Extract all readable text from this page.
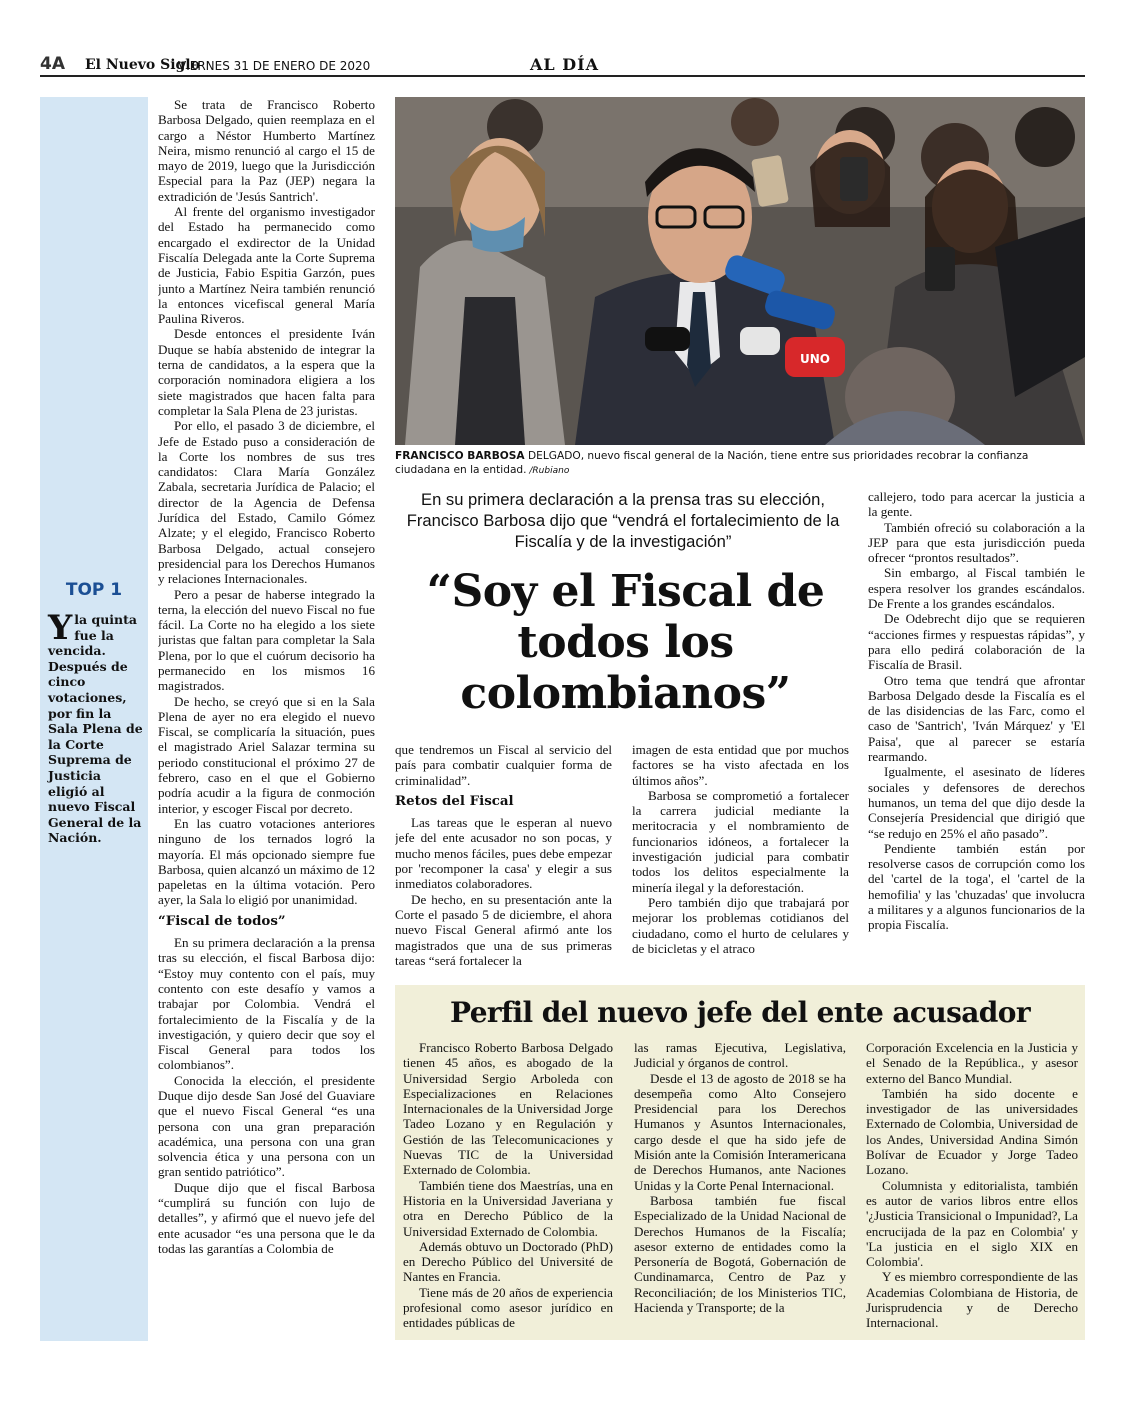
4A El Nuevo Siglo
VIERNES 31 DE ENERO DE 2020	AL DÍA
TOP 1
Yla quinta fue la vencida. Después de cinco votaciones, por fin la Sala Plena de la Corte Suprema de Justicia eligió al nuevo Fiscal General de la Nación.

Se trata de Francisco Roberto Barbosa Delgado, quien reemplaza en el cargo a Néstor Humberto Martínez Neira, mismo renunció al cargo el 15 de mayo de 2019, luego que la Jurisdicción Especial para la Paz (JEP) negara la extradición de 'Jesús Santrich'.

Al frente del organismo investigador del Estado ha permanecido como encargado el exdirector de la Unidad Fiscalía Delegada ante la Corte Suprema de Justicia, Fabio Espitia Garzón, pues junto a Martínez Neira también renunció la entonces vicefiscal general María Paulina Riveros.

Desde entonces el presidente Iván Duque se había abstenido de integrar la terna de candidatos, a la espera que la corporación nominadora eligiera a los siete magistrados que hacen falta para completar la Sala Plena de 23 juristas.

Por ello, el pasado 3 de diciembre, el Jefe de Estado puso a consideración de la Corte los nombres de sus tres candidatos: Clara María González Zabala, secretaria Jurídica de Palacio; el director de la Agencia de Defensa Jurídica del Estado, Camilo Gómez Alzate; y el elegido, Francisco Roberto Barbosa Delgado, actual consejero presidencial para los Derechos Humanos y relaciones Internacionales.

Pero a pesar de haberse integrado la terna, la elección del nuevo Fiscal no fue fácil. La Corte no ha elegido a los siete juristas que faltan para completar la Sala Plena, por lo que el cuórum decisorio ha permanecido en los mismos 16 magistrados.

De hecho, se creyó que si en la Sala Plena de ayer no era elegido el nuevo Fiscal, se complicaría la situación, pues el magistrado Ariel Salazar termina su periodo constitucional el próximo 27 de febrero, caso en el que el Gobierno podría acudir a la figura de conmoción interior, y escoger Fiscal por decreto.

En las cuatro votaciones anteriores ninguno de los ternados logró la mayoría. El más opcionado siempre fue Barbosa, quien alcanzó un máximo de 12 papeletas en la última votación. Pero ayer, la Sala lo eligió por unanimidad.

“Fiscal de todos”

En su primera declaración a la prensa tras su elección, el fiscal Barbosa dijo: “Estoy muy contento con el país, muy contento con este desafío y vamos a trabajar por Colombia. Vendrá el fortalecimiento de la Fiscalía y de la investigación, y quiero decir que soy el Fiscal General para todos los colombianos”.

Conocida la elección, el presidente Duque dijo desde San José del Guaviare que el nuevo Fiscal General “es una persona con una gran preparación académica, una persona con una gran solvencia ética y una persona con un gran sentido patriótico”.

Duque dijo que el fiscal Barbosa “cumplirá su función con lujo de detalles”, y afirmó que el nuevo jefe del ente acusador “es una persona que le da todas las garantías a Colombia de

UNO
FRANCISCO BARBOSA DELGADO, nuevo fiscal general de la Nación, tiene entre sus prioridades recobrar la confianza ciudadana en la entidad. /Rubiano
En su primera declaración a la prensa tras su elección, Francisco Barbosa dijo que “vendrá el fortalecimiento de la Fiscalía y de la investigación”
“Soy el Fiscal de todos los colombianos”

que tendremos un Fiscal al servicio del país para combatir cualquier forma de criminalidad”.

Retos del Fiscal

Las tareas que le esperan al nuevo jefe del ente acusador no son pocas, y mucho menos fáciles, pues debe empezar por 'recomponer la casa' y elegir a sus inmediatos colaboradores.

De hecho, en su presentación ante la Corte el pasado 5 de diciembre, el ahora nuevo Fiscal General afirmó ante los magistrados que una de sus primeras tareas “será fortalecer la

imagen de esta entidad que por muchos factores se ha visto afectada en los últimos años”.

Barbosa se comprometió a fortalecer la carrera judicial mediante la meritocracia y el nombramiento de funcionarios idóneos, a fortalecer la investigación judicial para combatir todos los delitos especialmente la minería ilegal y la deforestación.

Pero también dijo que trabajará por mejorar los problemas cotidianos del ciudadano, como el hurto de celulares y de bicicletas y el atraco

callejero, todo para acercar la justicia a la gente.

También ofreció su colaboración a la JEP para que esta jurisdicción pueda ofrecer “prontos resultados”.

Sin embargo, al Fiscal también le espera resolver los grandes escándalos. De Frente a los grandes escándalos.

De Odebrecht dijo que se requieren “acciones firmes y respuestas rápidas”, y para ello pedirá colaboración de la Fiscalía de Brasil.

Otro tema que tendrá que afrontar Barbosa Delgado desde la Fiscalía es el de las disidencias de las Farc, como el caso de 'Santrich', 'Iván Márquez' y 'El Paisa', que al parecer se estaría rearmando.

Igualmente, el asesinato de líderes sociales y defensores de derechos humanos, un tema del que dijo desde la Consejería Presidencial que dirigió que “se redujo en 25% el año pasado”.

Pendiente también están por resolverse casos de corrupción como los del 'cartel de la toga', el 'cartel de la hemofilia' y las 'chuzadas' que involucra a militares y a algunos funcionarios de la propia Fiscalía.

Perfil del nuevo jefe del ente acusador

Francisco Roberto Barbosa Delgado tienen 45 años, es abogado de la Universidad Sergio Arboleda con Especializaciones en Relaciones Internacionales de la Universidad Jorge Tadeo Lozano y en Regulación y Gestión de las Telecomunicaciones y Nuevas TIC de la Universidad Externado de Colombia.

También tiene dos Maestrías, una en Historia en la Universidad Javeriana y otra en Derecho Público de la Universidad Externado de Colombia.

Además obtuvo un Doctorado (PhD) en Derecho Público del Université de Nantes en Francia.

Tiene más de 20 años de experiencia profesional como asesor jurídico en entidades públicas de

las ramas Ejecutiva, Legislativa, Judicial y órganos de control.

Desde el 13 de agosto de 2018 se ha desempeña como Alto Consejero Presidencial para los Derechos Humanos y Asuntos Internacionales, cargo desde el que ha sido jefe de Misión ante la Comisión Interamericana de Derechos Humanos, ante Naciones Unidas y la Corte Penal Internacional.

Barbosa también fue fiscal Especializado de la Unidad Nacional de Derechos Humanos de la Fiscalía; asesor externo de entidades como la Personería de Bogotá, Gobernación de Cundinamarca, Centro de Paz y Reconciliación; de los Ministerios TIC, Hacienda y Transporte; de la

Corporación Excelencia en la Justicia y el Senado de la República., y asesor externo del Banco Mundial.

También ha sido docente e investigador de las universidades Externado de Colombia, Universidad de los Andes, Universidad Andina Simón Bolívar de Ecuador y Jorge Tadeo Lozano.

Columnista y editorialista, también es autor de varios libros entre ellos '¿Justicia Transicional o Impunidad?, La encrucijada de la paz en Colombia' y 'La justicia en el siglo XIX en Colombia'.

Y es miembro correspondiente de las Academias Colombiana de Historia, de Jurisprudencia y de Derecho Internacional.
